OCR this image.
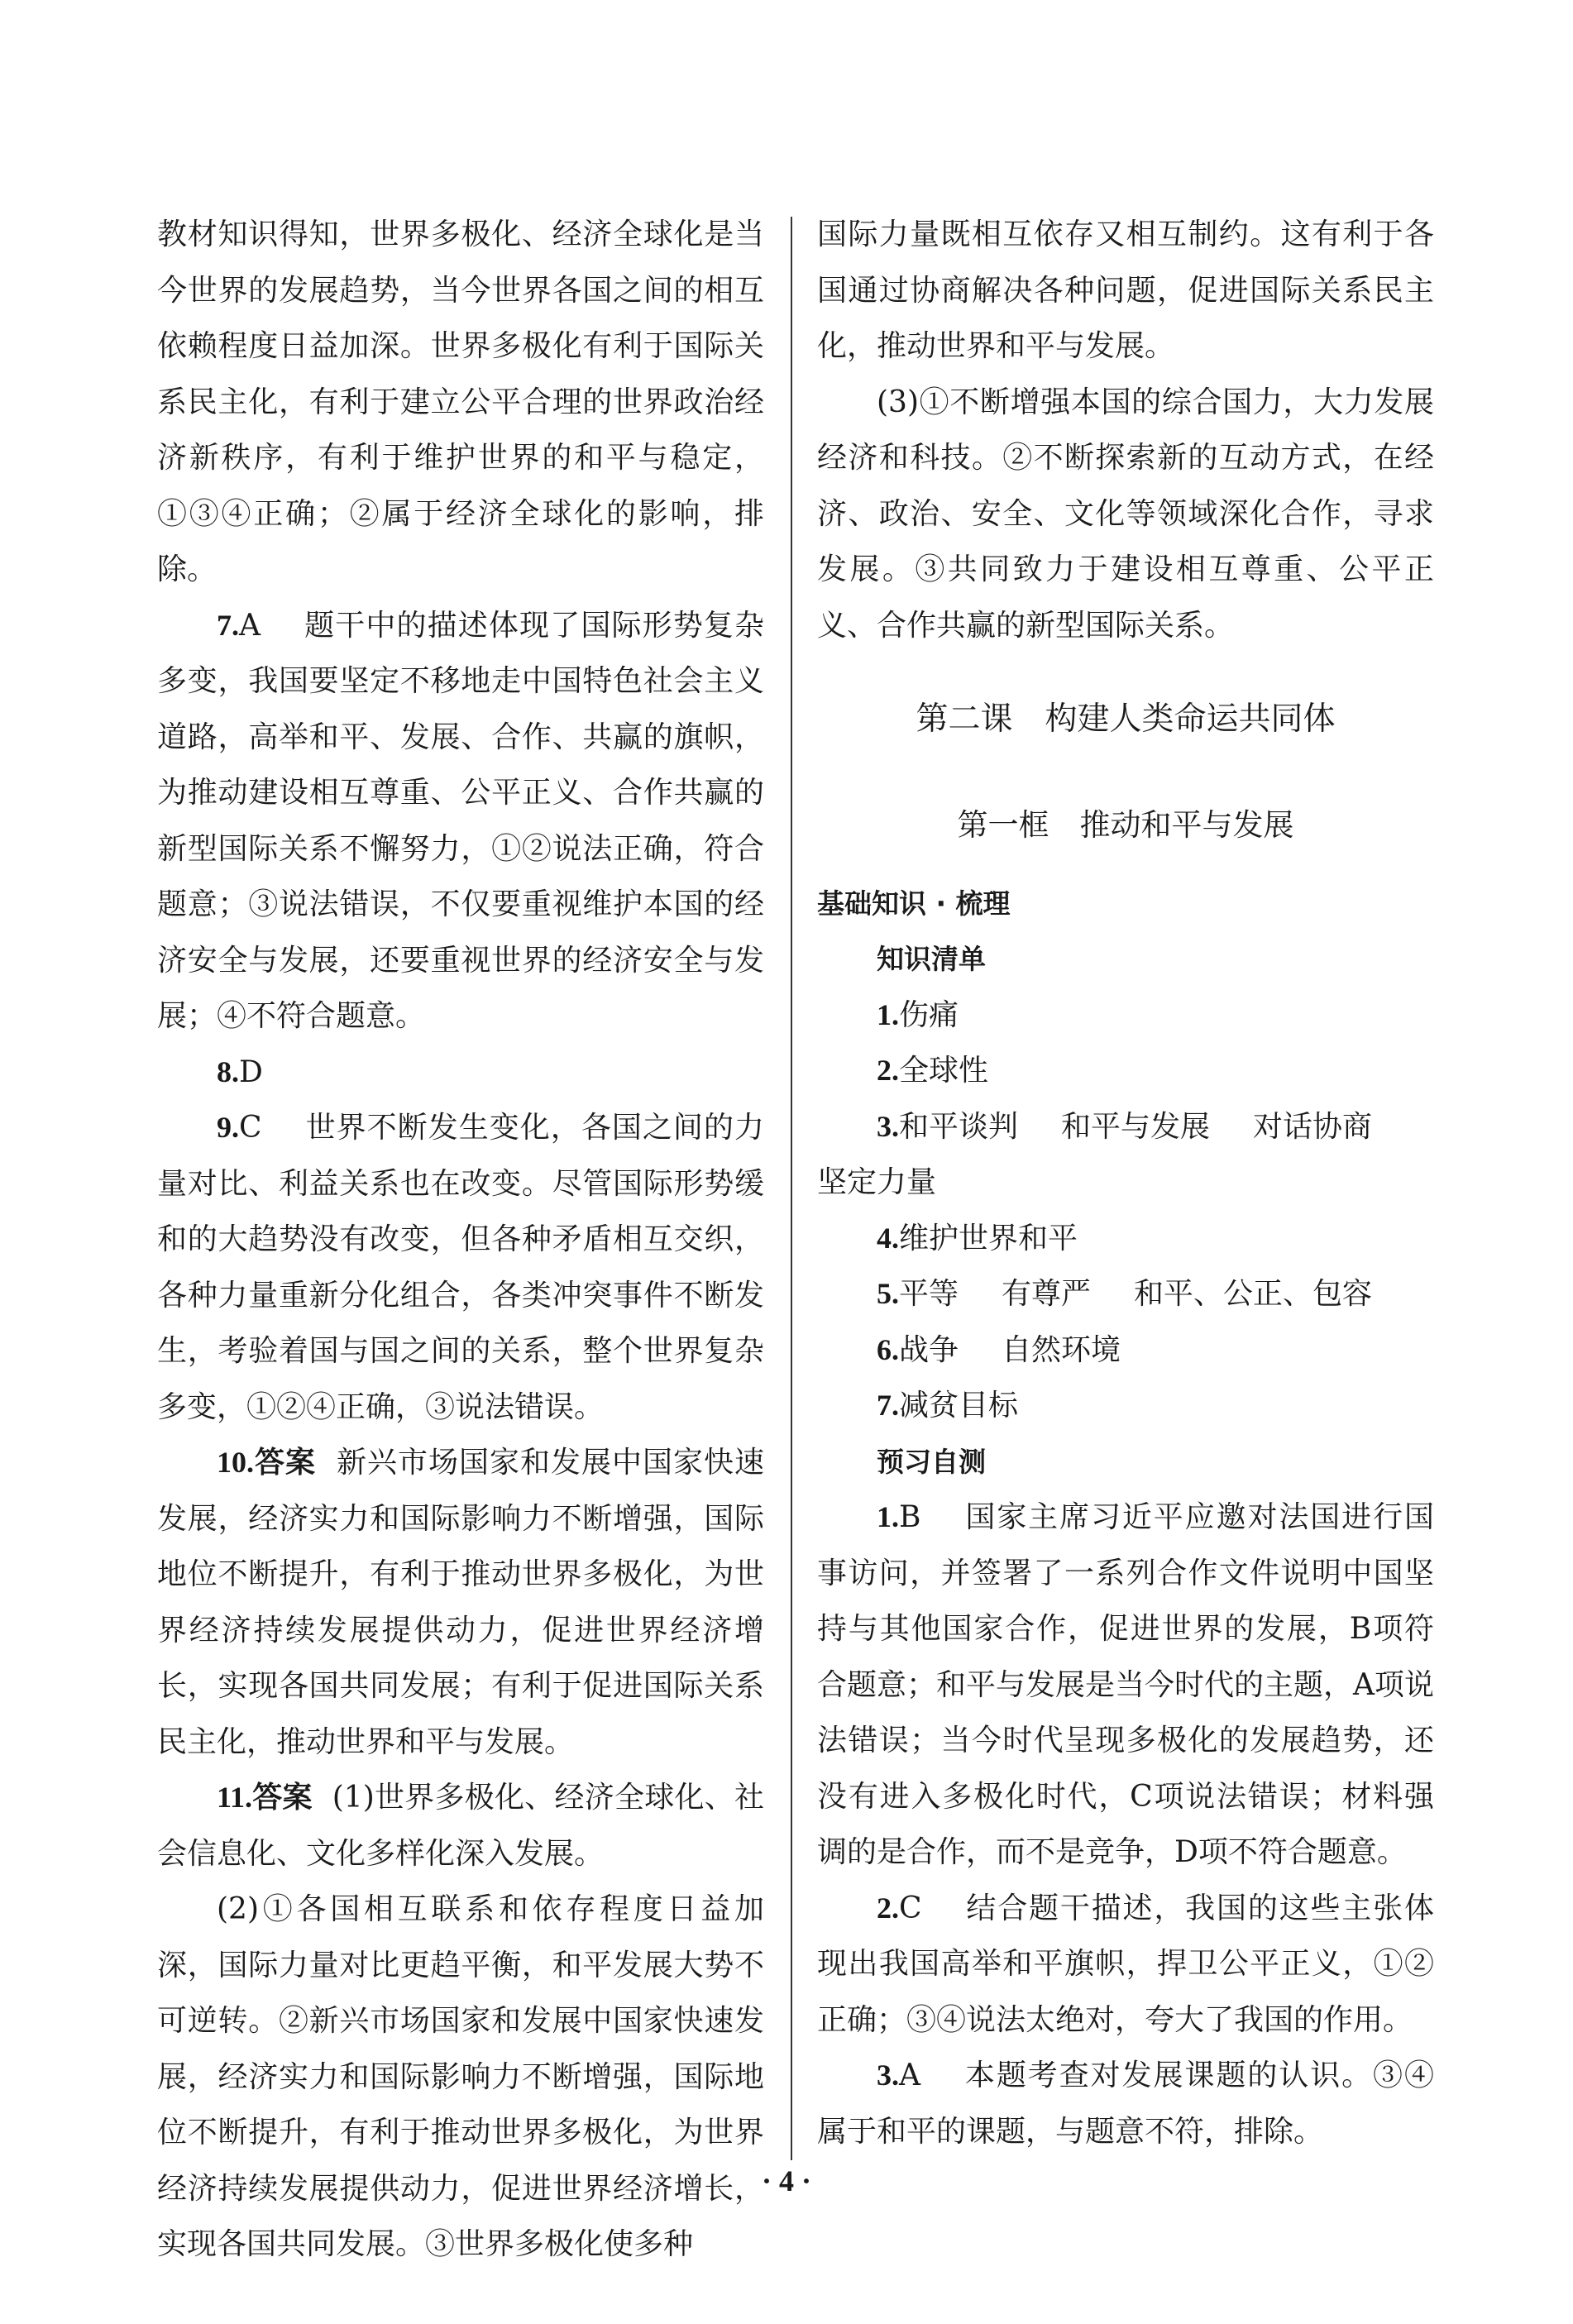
教材知识得知，世界多极化、经济全球化是当今世界的发展趋势，当今世界各国之间的相互依赖程度日益加深。世界多极化有利于国际关系民主化，有利于建立公平合理的世界政治经济新秩序，有利于维护世界的和平与稳定，①③④正确；②属于经济全球化的影响，排除。

7.A 题干中的描述体现了国际形势复杂多变，我国要坚定不移地走中国特色社会主义道路，高举和平、发展、合作、共赢的旗帜，为推动建设相互尊重、公平正义、合作共赢的新型国际关系不懈努力，①②说法正确，符合题意；③说法错误，不仅要重视维护本国的经济安全与发展，还要重视世界的经济安全与发展；④不符合题意。

8.D

9.C 世界不断发生变化，各国之间的力量对比、利益关系也在改变。尽管国际形势缓和的大趋势没有改变，但各种矛盾相互交织，各种力量重新分化组合，各类冲突事件不断发生，考验着国与国之间的关系，整个世界复杂多变，①②④正确，③说法错误。

10.答案 新兴市场国家和发展中国家快速发展，经济实力和国际影响力不断增强，国际地位不断提升，有利于推动世界多极化，为世界经济持续发展提供动力，促进世界经济增长，实现各国共同发展；有利于促进国际关系民主化，推动世界和平与发展。

11.答案 (1)世界多极化、经济全球化、社会信息化、文化多样化深入发展。

(2)①各国相互联系和依存程度日益加深，国际力量对比更趋平衡，和平发展大势不可逆转。②新兴市场国家和发展中国家快速发展，经济实力和国际影响力不断增强，国际地位不断提升，有利于推动世界多极化，为世界经济持续发展提供动力，促进世界经济增长，实现各国共同发展。③世界多极化使多种

国际力量既相互依存又相互制约。这有利于各国通过协商解决各种问题，促进国际关系民主化，推动世界和平与发展。

(3)①不断增强本国的综合国力，大力发展经济和科技。②不断探索新的互动方式，在经济、政治、安全、文化等领域深化合作，寻求发展。③共同致力于建设相互尊重、公平正义、合作共赢的新型国际关系。

第二课　构建人类命运共同体
第一框　推动和平与发展
基础知识 · 梳理
知识清单

1.伤痛

2.全球性

3.和平谈判 和平与发展 对话协商
坚定力量

4.维护世界和平

5.平等 有尊严 和平、公正、包容

6.战争 自然环境

7.减贫目标

预习自测

1.B 国家主席习近平应邀对法国进行国事访问，并签署了一系列合作文件说明中国坚持与其他国家合作，促进世界的发展，B项符合题意；和平与发展是当今时代的主题，A项说法错误；当今时代呈现多极化的发展趋势，还没有进入多极化时代，C项说法错误；材料强调的是合作，而不是竞争，D项不符合题意。

2.C 结合题干描述，我国的这些主张体现出我国高举和平旗帜，捍卫公平正义，①②正确；③④说法太绝对，夸大了我国的作用。

3.A 本题考查对发展课题的认识。③④属于和平的课题，与题意不符，排除。

· 4 ·
